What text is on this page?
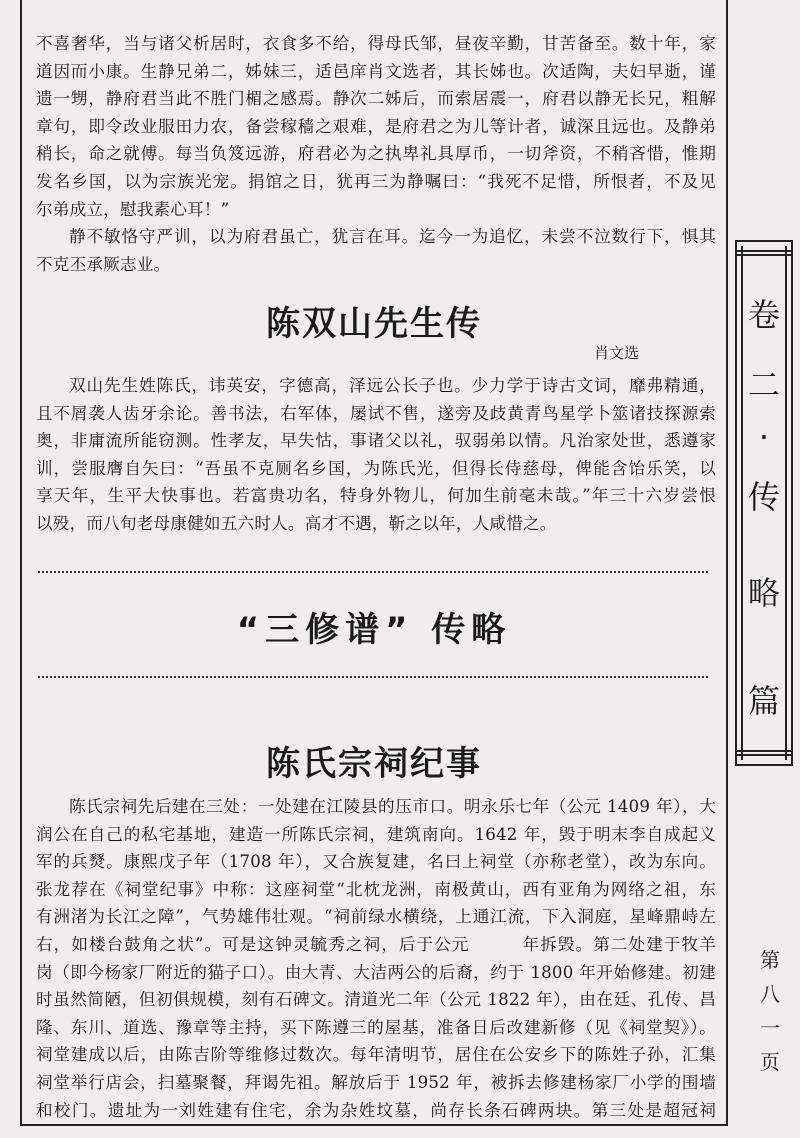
不喜奢华，当与诸父析居时，衣食多不给，得母氏邹，昼夜辛勤，甘苦备至。数十年，家

道因而小康。生静兄弟二，姊妹三，适邑庠肖文选者，其长姊也。次适陶，夫妇早逝，谨

遗一甥，静府君当此不胜门楣之感焉。静次二姊后，而索居震一，府君以静无长兄，粗解

章句，即令改业服田力农，备尝稼穑之艰难，是府君之为儿等计者，诚深且远也。及静弟

稍长，命之就傅。每当负笈远游，府君必为之执卑礼具厚币，一切斧资，不稍吝惜，惟期

发名乡国，以为宗族光宠。捐馆之日，犹再三为静嘱曰：“我死不足惜，所恨者，不及见

尔弟成立，慰我素心耳！”

静不敏恪守严训，以为府君虽亡，犹言在耳。迄今一为追忆，未尝不泣数行下，惧其

不克丕承厥志业。

陈双山先生传
肖文选

双山先生姓陈氏，讳英安，字德高，泽远公长子也。少力学于诗古文词，靡弗精通，

且不屑袭人齿牙余论。善书法，右军体，屡试不售，遂旁及歧黄青鸟星学卜筮诸技探源索

奥，非庸流所能窃测。性孝友，早失怙，事诸父以礼，驭弱弟以情。凡治家处世，悉遵家

训，尝服膺自矢曰：“吾虽不克厕名乡国，为陈氏光，但得长侍慈母，俾能含饴乐笑，以

享天年，生平大快事也。若富贵功名，特身外物儿，何加生前毫未哉。”年三十六岁尝恨

以殁，而八旬老母康健如五六时人。高才不遇，靳之以年，人咸惜之。

“三修谱” 传略
陈氏宗祠纪事

陈氏宗祠先后建在三处：一处建在江陵县的压市口。明永乐七年（公元 1409 年），大

润公在自己的私宅基地，建造一所陈氏宗祠，建筑南向。1642 年，毁于明末李自成起义

军的兵燹。康熙戊子年（1708 年），又合族复建，名曰上祠堂（亦称老堂），改为东向。

张龙荐在《祠堂纪事》中称：这座祠堂“北枕龙洲，南极黄山，西有亚角为网络之祖，东

有洲渚为长江之障”，气势雄伟壮观。“祠前绿水横绕，上通江流，下入洞庭，星峰鼎峙左

右，如楼台鼓角之状”。可是这钟灵毓秀之祠，后于公元　　　年拆毁。第二处建于牧羊

岗（即今杨家厂附近的猫子口）。由大青、大洁两公的后裔，约于 1800 年开始修建。初建

时虽然简陋，但初俱规模，刻有石碑文。清道光二年（公元 1822 年），由在廷、孔传、昌

隆、东川、道选、豫章等主持，买下陈遵三的屋基，准备日后改建新修（见《祠堂契》）。

祠堂建成以后，由陈吉阶等维修过数次。每年清明节，居住在公安乡下的陈姓子孙，汇集

祠堂举行店会，扫墓聚餐，拜谒先祖。解放后于 1952 年，被拆去修建杨家厂小学的围墙

和校门。遗址为一刘姓建有住宅，余为杂姓坟墓，尚存长条石碑两块。第三处是超冠祠

卷
二
·
传
略
篇
第
八
一
页
